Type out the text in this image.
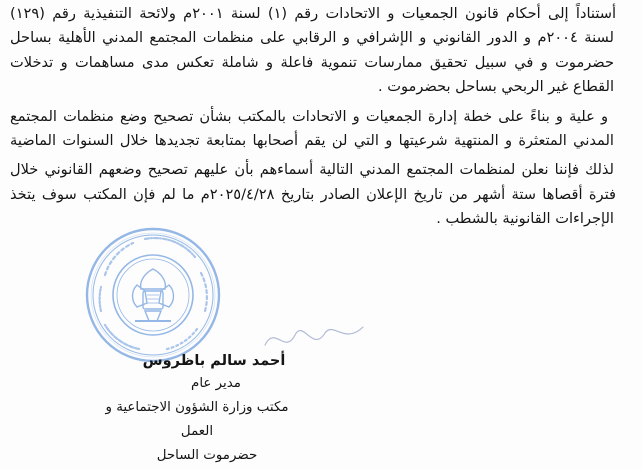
أستناداً إلى أحكام قانون الجمعيات و الاتحادات رقم (١) لسنة ٢٠٠١م ولائحة التنفيذية رقم (١٢٩)
لسنة ٢٠٠٤م و الدور القانوني و الإشرافي و الرقابي على منظمات المجتمع المدني الأهلية بساحل
حضرموت و في سبيل تحقيق ممارسات تنموية فاعلة و شاملة تعكس مدى مساهمات و تدخلات
القطاع غير الربحي بساحل بحضرموت .
و علية و بناءً على خطة إدارة الجمعيات و الاتحادات بالمكتب بشأن تصحيح وضع منظمات المجتمع
المدني المتعثرة و المنتهية شرعيتها و التي لن يقم أصحابها بمتابعة تجديدها خلال السنوات الماضية
لذلك فإننا نعلن لمنظمات المجتمع المدني التالية أسماءهم بأن عليهم تصحيح وضعهم القانوني خلال
فترة أقصاها ستة أشهر من تاريخ الإعلان الصادر بتاريخ ٢٠٢٥/٤/٢٨م ما لم فإن المكتب سوف يتخذ
الإجراءات القانونية بالشطب .
أحمد سالم باظروس
مدير عام
مكتب وزارة الشؤون الاجتماعية و العمل
حضرموت الساحل
